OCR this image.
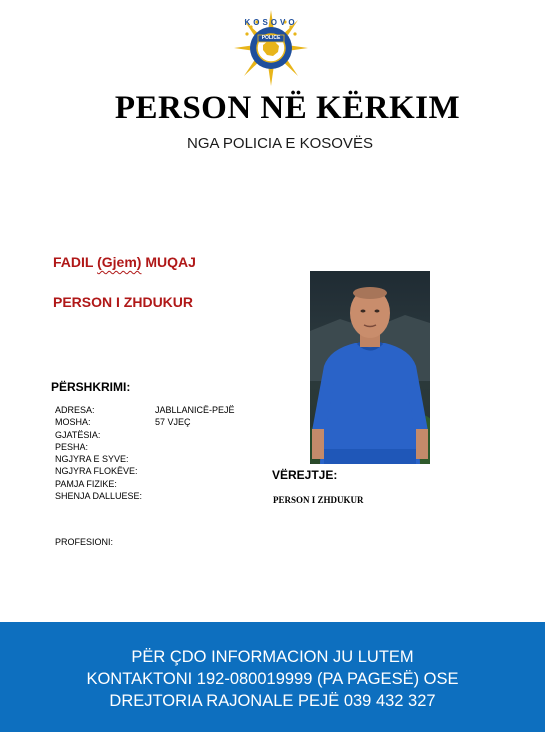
KOSOVO
POLICE
PERSON NË KËRKIM
NGA POLICIA E KOSOVËS
FADIL (Gjem) MUQAJ
PERSON I ZHDUKUR
PËRSHKRIMI:
ADRESA:	JABLLANICË-PEJË
MOSHA:	57 VJEÇ
GJATËSIA:
PESHA:
NGJYRA E SYVE:
NGJYRA FLOKËVE:
PAMJA FIZIKE:
SHENJA DALLUESE:
PROFESIONI:
VËREJTJE:
PERSON I ZHDUKUR
PËR ÇDO INFORMACION JU LUTEM
KONTAKTONI 192-080019999 (PA PAGESË) OSE
DREJTORIA RAJONALE PEJË 039 432 327
